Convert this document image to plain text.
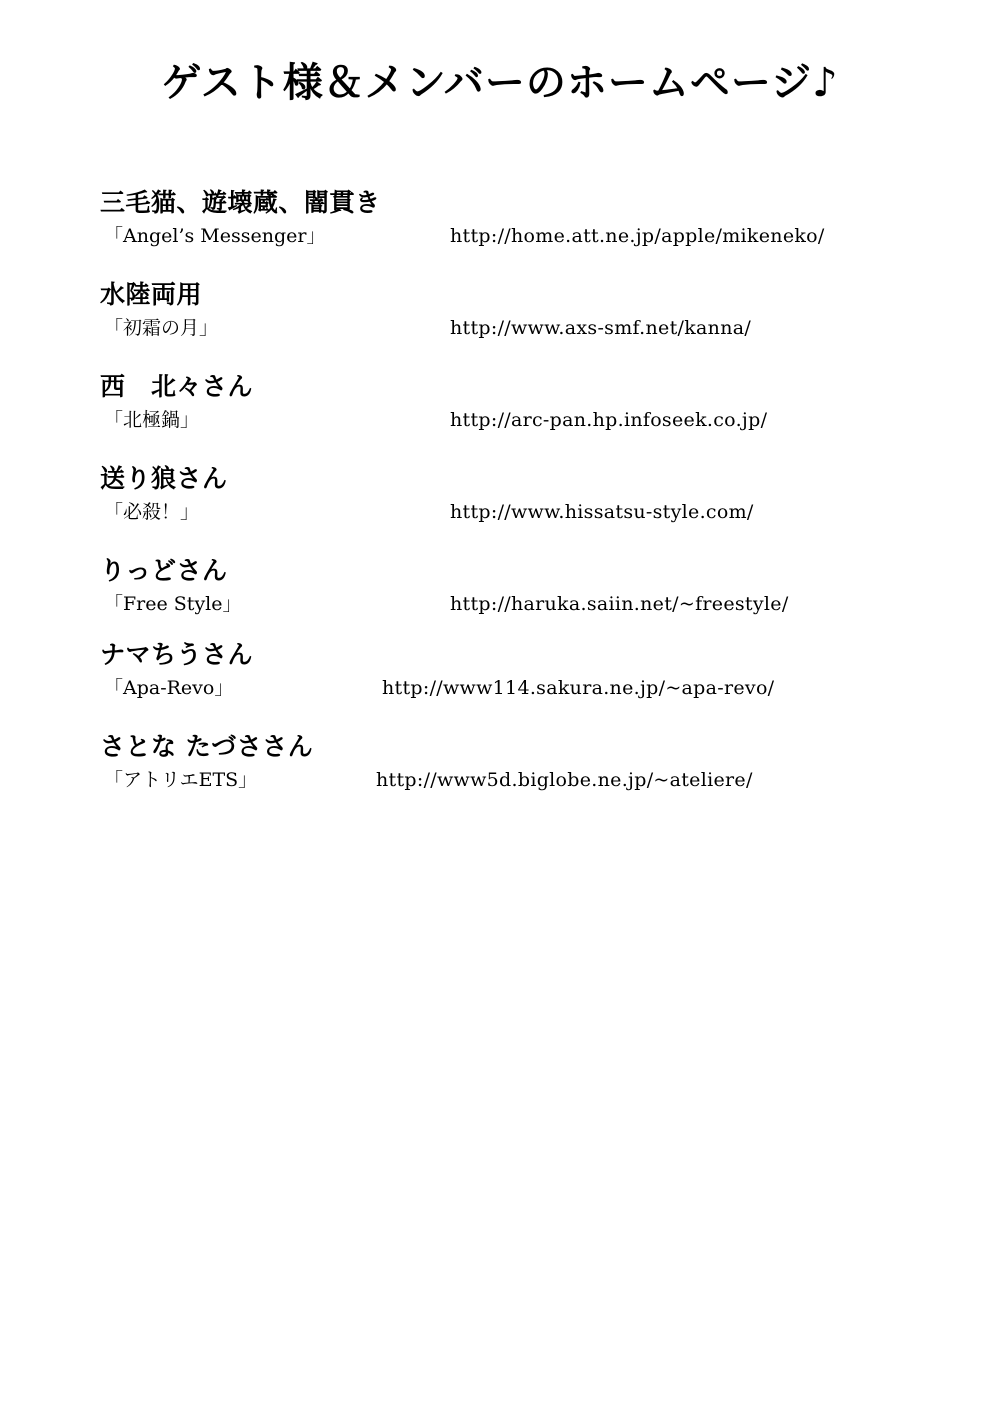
ゲスト様＆メンバーのホームページ♪
三毛猫、遊壊蔵、闇貫き
「Angel’s Messenger」	http://home.att.ne.jp/apple/mikeneko/
水陸両用
「初霜の月」	http://www.axs-smf.net/kanna/
西　北々さん
「北極鍋」	http://arc-pan.hp.infoseek.co.jp/
送り狼さん
「必殺！」	http://www.hissatsu-style.com/
りっどさん
「Free Style」	http://haruka.saiin.net/~freestyle/
ナマちうさん
「Apa-Revo」	http://www114.sakura.ne.jp/~apa-revo/
さとな たづささん
「アトリエETS」	http://www5d.biglobe.ne.jp/~ateliere/
